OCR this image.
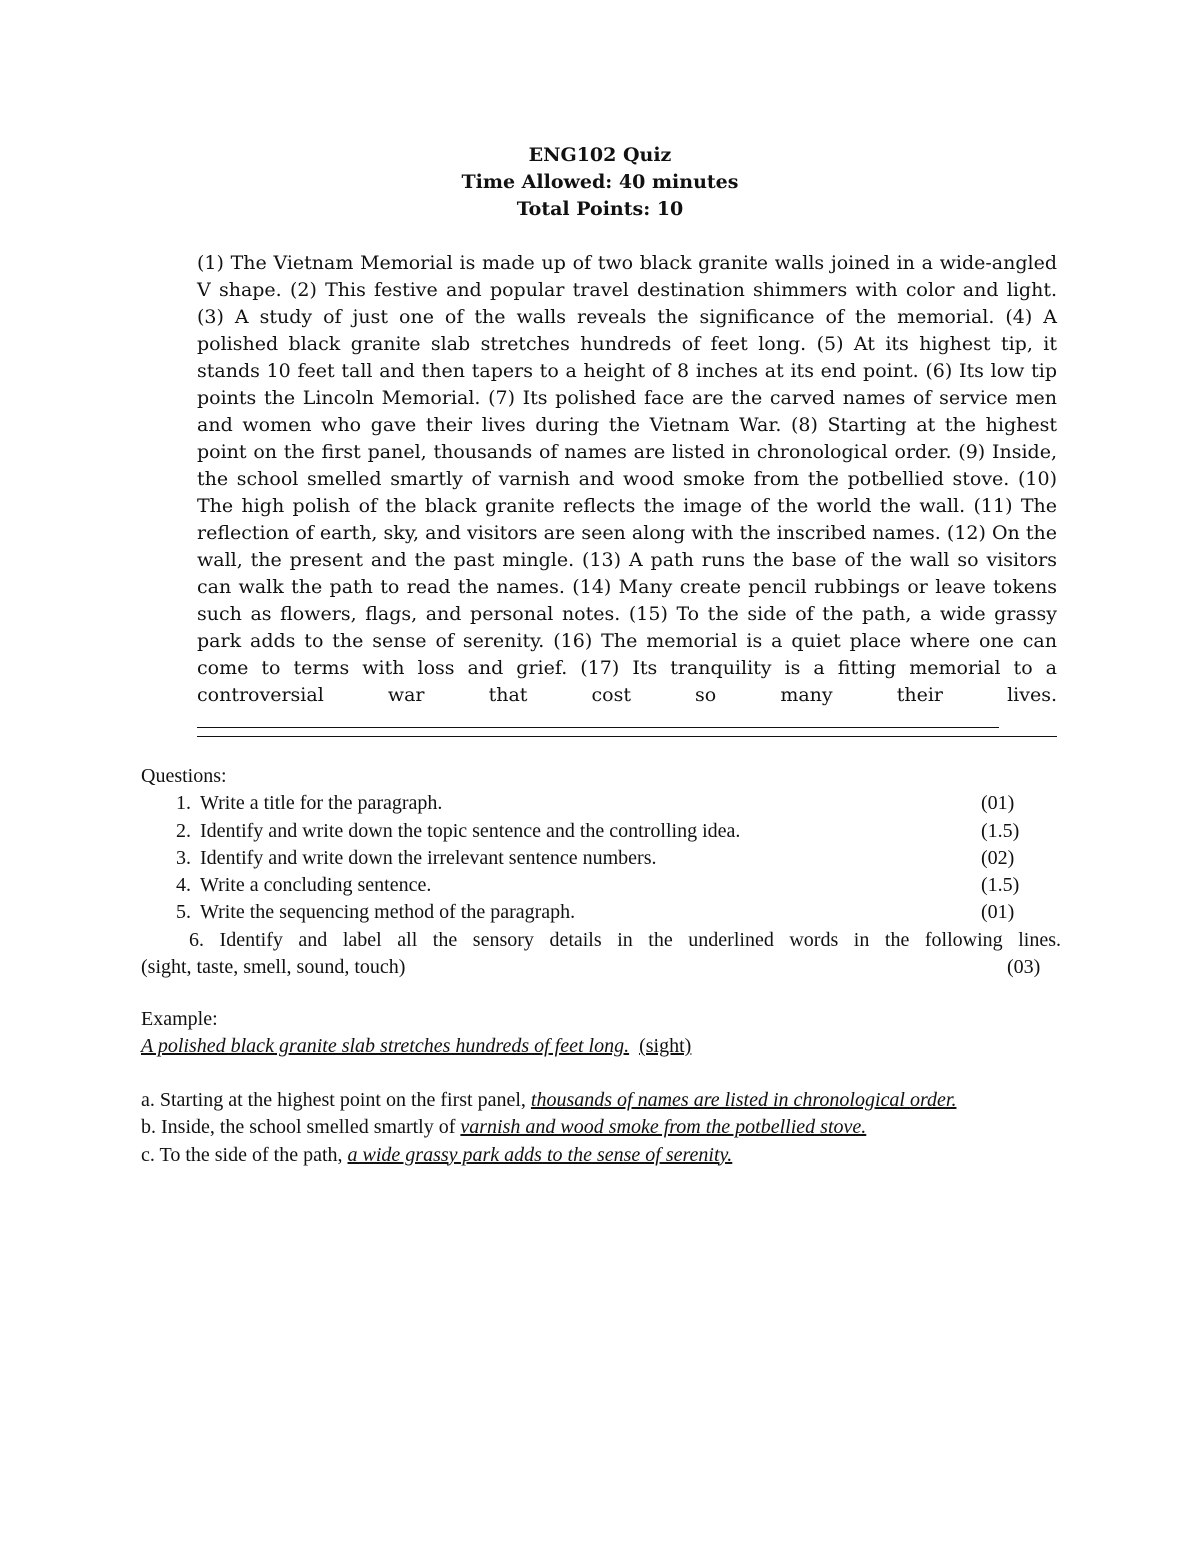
ENG102 Quiz
Time Allowed: 40 minutes
Total Points: 10
(1) The Vietnam Memorial is made up of two black granite walls joined in a wide-angled V shape. (2) This festive and popular travel destination shimmers with color and light. (3) A study of just one of the walls reveals the significance of the memorial. (4) A polished black granite slab stretches hundreds of feet long. (5) At its highest tip, it stands 10 feet tall and then tapers to a height of 8 inches at its end point. (6) Its low tip points the Lincoln Memorial. (7) Its polished face are the carved names of service men and women who gave their lives during the Vietnam War. (8) Starting at the highest point on the first panel, thousands of names are listed in chronological order. (9) Inside, the school smelled smartly of varnish and wood smoke from the potbellied stove. (10) The high polish of the black granite reflects the image of the world the wall. (11) The reflection of earth, sky, and visitors are seen along with the inscribed names. (12) On the wall, the present and the past mingle. (13) A path runs the base of the wall so visitors can walk the path to read the names. (14) Many create pencil rubbings or leave tokens such as flowers, flags, and personal notes. (15) To the side of the path, a wide grassy park adds to the sense of serenity. (16) The memorial is a quiet place where one can come to terms with loss and grief. (17) Its tranquility is a fitting memorial to a controversial war that cost so many their lives.
Questions:
1. Write a title for the paragraph.	(01)
2. Identify and write down the topic sentence and the controlling idea.	(1.5)
3. Identify and write down the irrelevant sentence numbers.	(02)
4. Write a concluding sentence.	(1.5)
5. Write the sequencing method of the paragraph.	(01)
6. Identify and label all the sensory details in the underlined words in the following lines.
(sight, taste, smell, sound, touch)	(03)
Example:
A polished black granite slab stretches hundreds of feet long. (sight)
a. Starting at the highest point on the first panel, thousands of names are listed in chronological order.
b. Inside, the school smelled smartly of varnish and wood smoke from the potbellied stove.
c. To the side of the path, a wide grassy park adds to the sense of serenity.
